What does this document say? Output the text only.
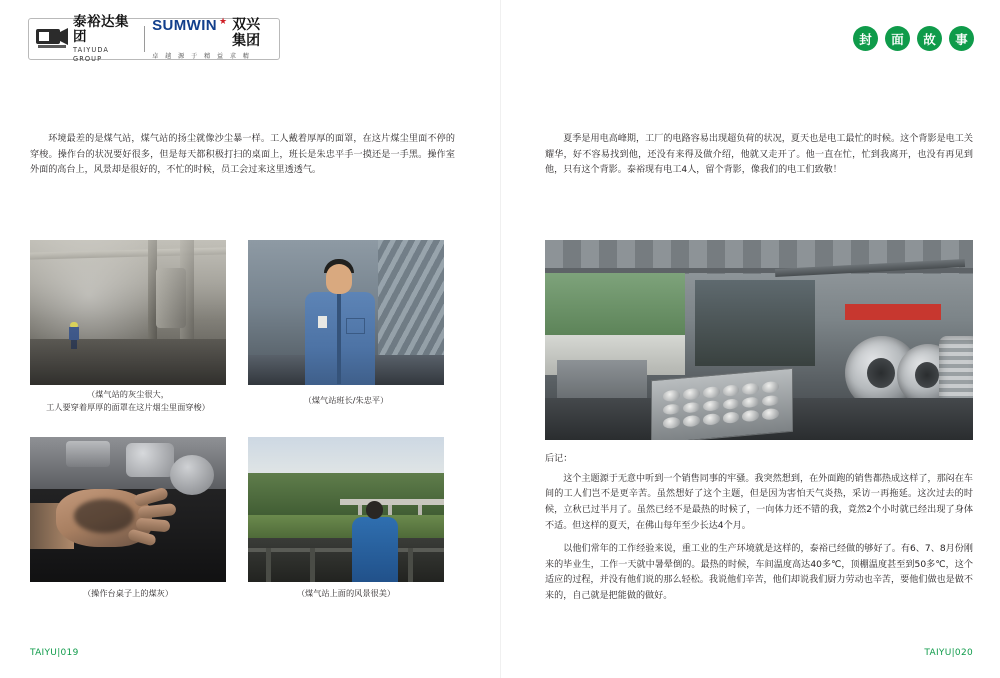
泰裕达集团
TAIYUDA GROUP
SUMWIN ★ 双兴集团
卓 越 源 于 精 益 求 精
封	面	故	事

环境最差的是煤气站，煤气站的扬尘就像沙尘暴一样。工人戴着厚厚的面罩，在这片煤尘里面不停的穿梭。操作台的状况要好很多，但是每天都积极打扫的桌面上，班长是朱忠平手一摸还是一手黑。操作室外面的高台上，风景却是很好的，不忙的时候，员工会过来这里透透气。

夏季是用电高峰期，工厂的电路容易出现超负荷的状况，夏天也是电工最忙的时候。这个背影是电工关耀华，好不容易找到他，还没有来得及做介绍，他就又走开了。他一直在忙，忙到我离开，也没有再见到他，只有这个背影。泰裕现有电工4人，留个背影，像我们的电工们致敬！

（煤气站的灰尘很大，
工人要穿着厚厚的面罩在这片烟尘里面穿梭）
（煤气站班长/朱忠平）
（操作台桌子上的煤灰）	（煤气站上面的风景很美）
后记：

这个主题源于无意中听到一个销售同事的牢骚。我突然想到，在外面跑的销售都热成这样了，那闷在车间的工人们岂不是更辛苦。虽然想好了这个主题，但是因为害怕天气炎热，采访一再拖延。这次过去的时候，立秋已过半月了。虽然已经不是最热的时候了，一向体力还不错的我，竟然2个小时就已经出现了身体不适。但这样的夏天，在佛山每年至少长达4个月。

以他们常年的工作经验来说，重工业的生产环境就是这样的，泰裕已经做的够好了。有6、7、8月份刚来的毕业生，工作一天就中暑晕倒的。最热的时候，车间温度高达40多℃，顶棚温度甚至到50多℃，这个适应的过程，并没有他们说的那么轻松。我说他们辛苦，他们却说我们厨力劳动也辛苦，要他们做也是做不来的，自己就是把能做的做好。

TAIYU|019	TAIYU|020
